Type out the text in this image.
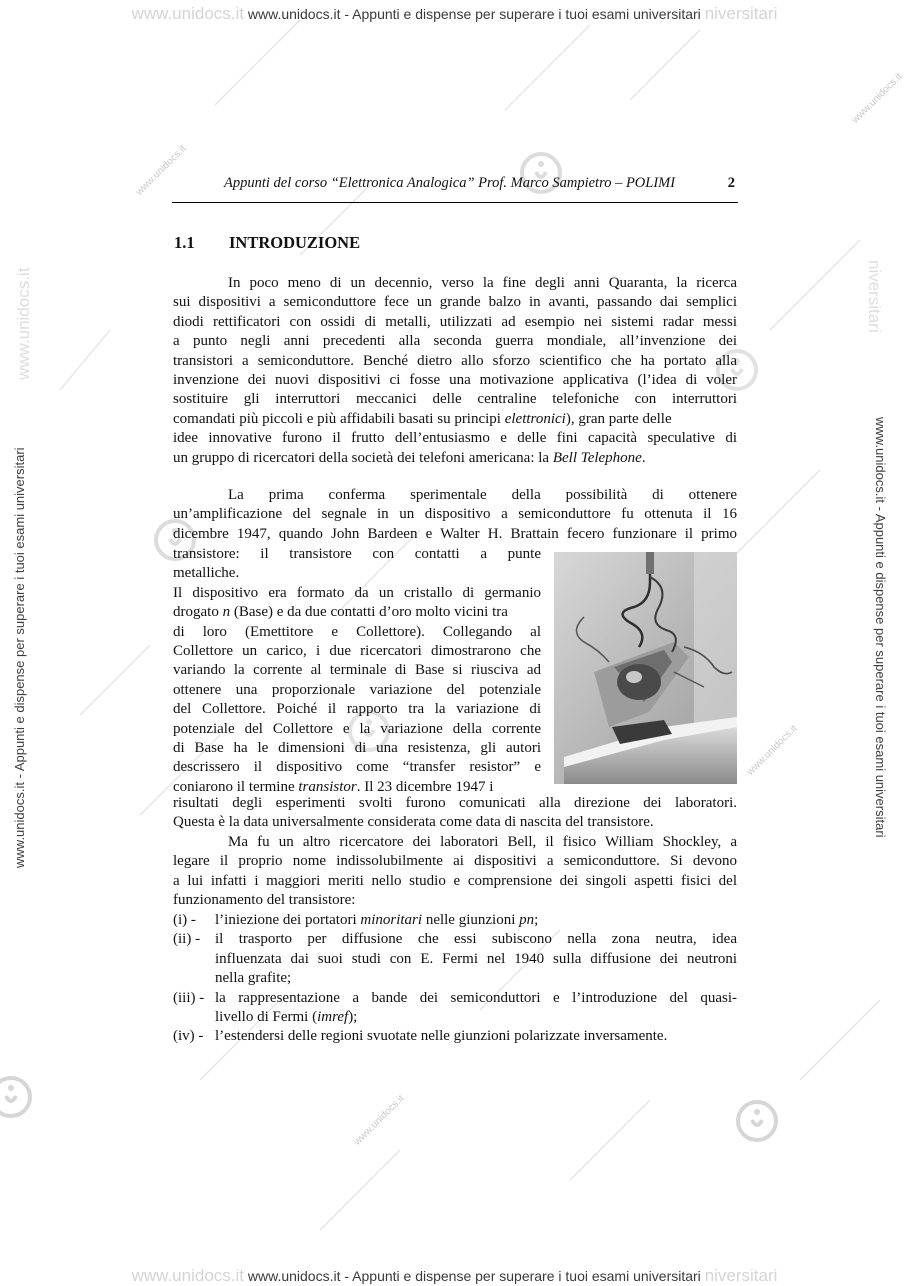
www.unidocs.it
www.unidocs.it
www.unidocs.it
www.unidocs.it
www.unidocs.it www.unidocs.it - Appunti e dispense per superare i tuoi esami universitari niversitari
www.unidocs.it www.unidocs.it - Appunti e dispense per superare i tuoi esami universitari niversitari
www.unidocs.it - Appunti e dispense per superare i tuoi esami universitari	www.unidocs.it - Appunti e dispense per superare i tuoi esami universitari
www.unidocs.it	niversitari
Appunti del corso “Elettronica Analogica” Prof. Marco Sampietro – POLIMI	2
1.1 INTRODUZIONE
In poco meno di un decennio, verso la fine degli anni Quaranta, la ricerca
sui dispositivi a semiconduttore fece un grande balzo in avanti, passando dai semplici
diodi rettificatori con ossidi di metalli, utilizzati ad esempio nei sistemi radar messi
a punto negli anni precedenti alla seconda guerra mondiale, all’invenzione dei
transistori a semiconduttore. Benché dietro allo sforzo scientifico che ha portato alla
invenzione dei nuovi dispositivi ci fosse una motivazione applicativa (l’idea di voler
sostituire gli interruttori meccanici delle centraline telefoniche con interruttori
comandati più piccoli e più affidabili basati su principi elettronici), gran parte delle
idee innovative furono il frutto dell’entusiasmo e delle fini capacità speculative di
un gruppo di ricercatori della società dei telefoni americana: la Bell Telephone.
La prima conferma sperimentale della possibilità di ottenere
un’amplificazione del segnale in un dispositivo a semiconduttore fu ottenuta il 16
dicembre 1947, quando John Bardeen e Walter H. Brattain fecero funzionare il primo
transistore: il transistore con contatti a punte
metalliche.
Il dispositivo era formato da un cristallo di germanio
drogato n (Base) e da due contatti d’oro molto vicini tra
di loro (Emettitore e Collettore). Collegando al
Collettore un carico, i due ricercatori dimostrarono che
variando la corrente al terminale di Base si riusciva ad
ottenere una proporzionale variazione del potenziale
del Collettore. Poiché il rapporto tra la variazione di
potenziale del Collettore e la variazione della corrente
di Base ha le dimensioni di una resistenza, gli autori
descrissero il dispositivo come “transfer resistor” e
coniarono il termine transistor. Il 23 dicembre 1947 i
risultati degli esperimenti svolti furono comunicati alla direzione dei laboratori.
Questa è la data universalmente considerata come data di nascita del transistore.
Ma fu un altro ricercatore dei laboratori Bell, il fisico William Shockley, a
legare il proprio nome indissolubilmente ai dispositivi a semiconduttore. Si devono
a lui infatti i maggiori meriti nello studio e comprensione dei singoli aspetti fisici del
funzionamento del transistore:
(i) - l’iniezione dei portatori minoritari nelle giunzioni pn;
(ii) - il trasporto per diffusione che essi subiscono nella zona neutra, idea
influenzata dai suoi studi con E. Fermi nel 1940 sulla diffusione dei neutroni
nella grafite;
(iii) - la rappresentazione a bande dei semiconduttori e l’introduzione del quasi-
livello di Fermi (imref);
(iv) - l’estendersi delle regioni svuotate nelle giunzioni polarizzate inversamente.
